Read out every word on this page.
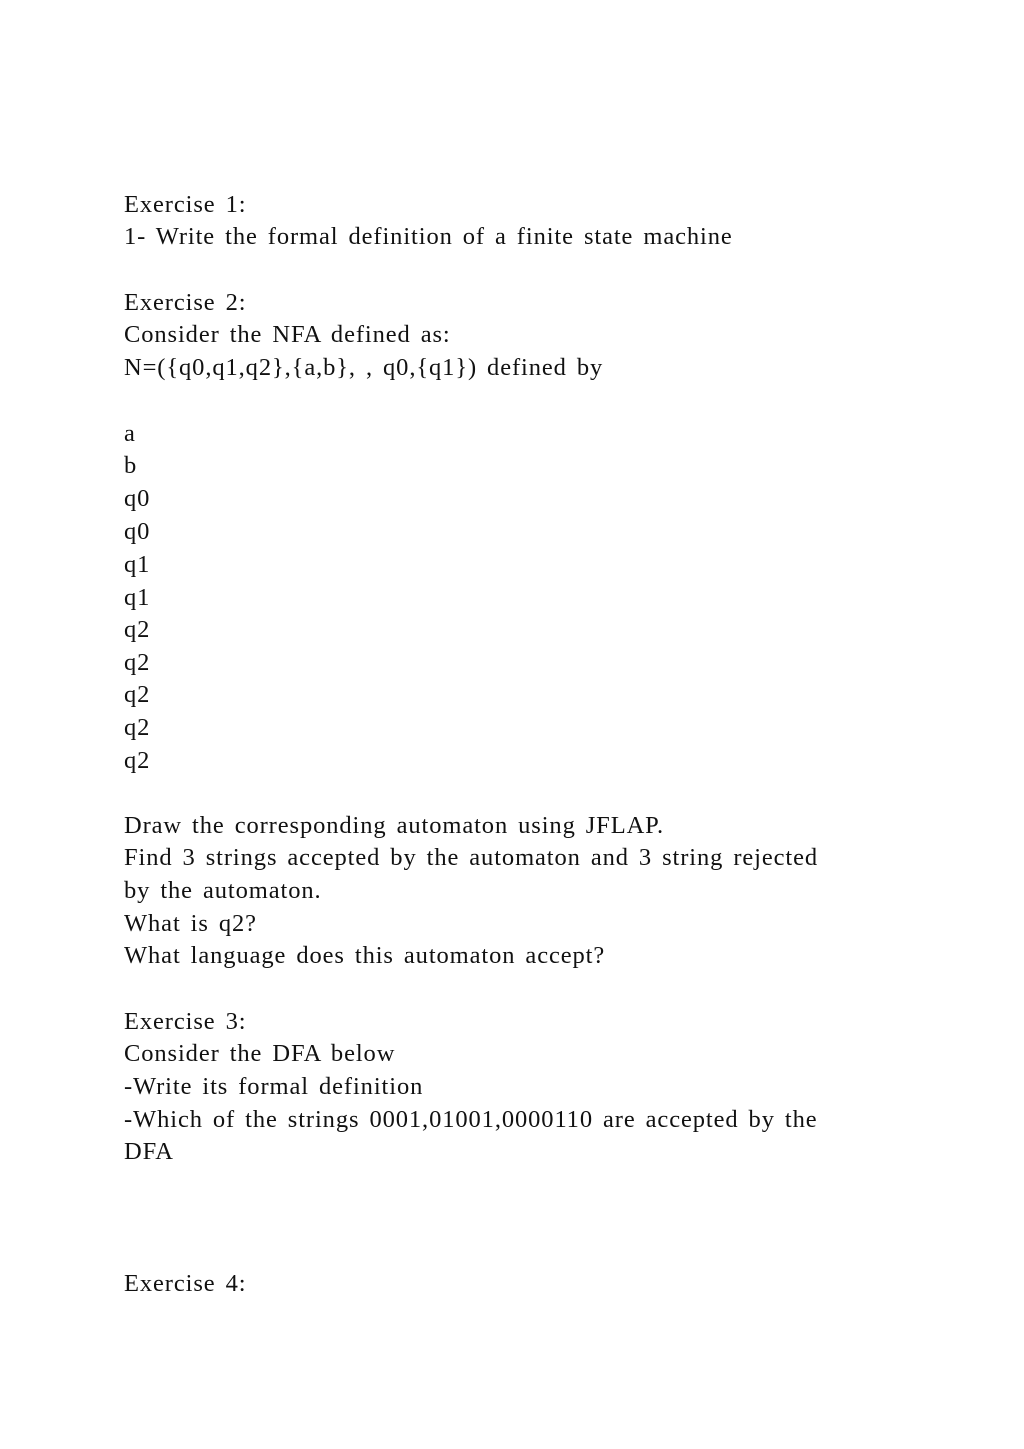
Exercise 1:

1- Write the formal definition of a finite state machine

Exercise 2:

Consider the NFA defined as:

N=({q0,q1,q2},{a,b}, , q0,{q1}) defined by

a

b

q0

q0

q1

q1

q2

q2

q2

q2

q2

Draw the corresponding automaton using JFLAP.

Find 3 strings accepted by the automaton and 3 string rejected

by the automaton.

What is q2?

What language does this automaton accept?

Exercise 3:

Consider the DFA below

-Write its formal definition

-Which of the strings 0001,01001,0000110 are accepted by the

DFA

Exercise 4:
